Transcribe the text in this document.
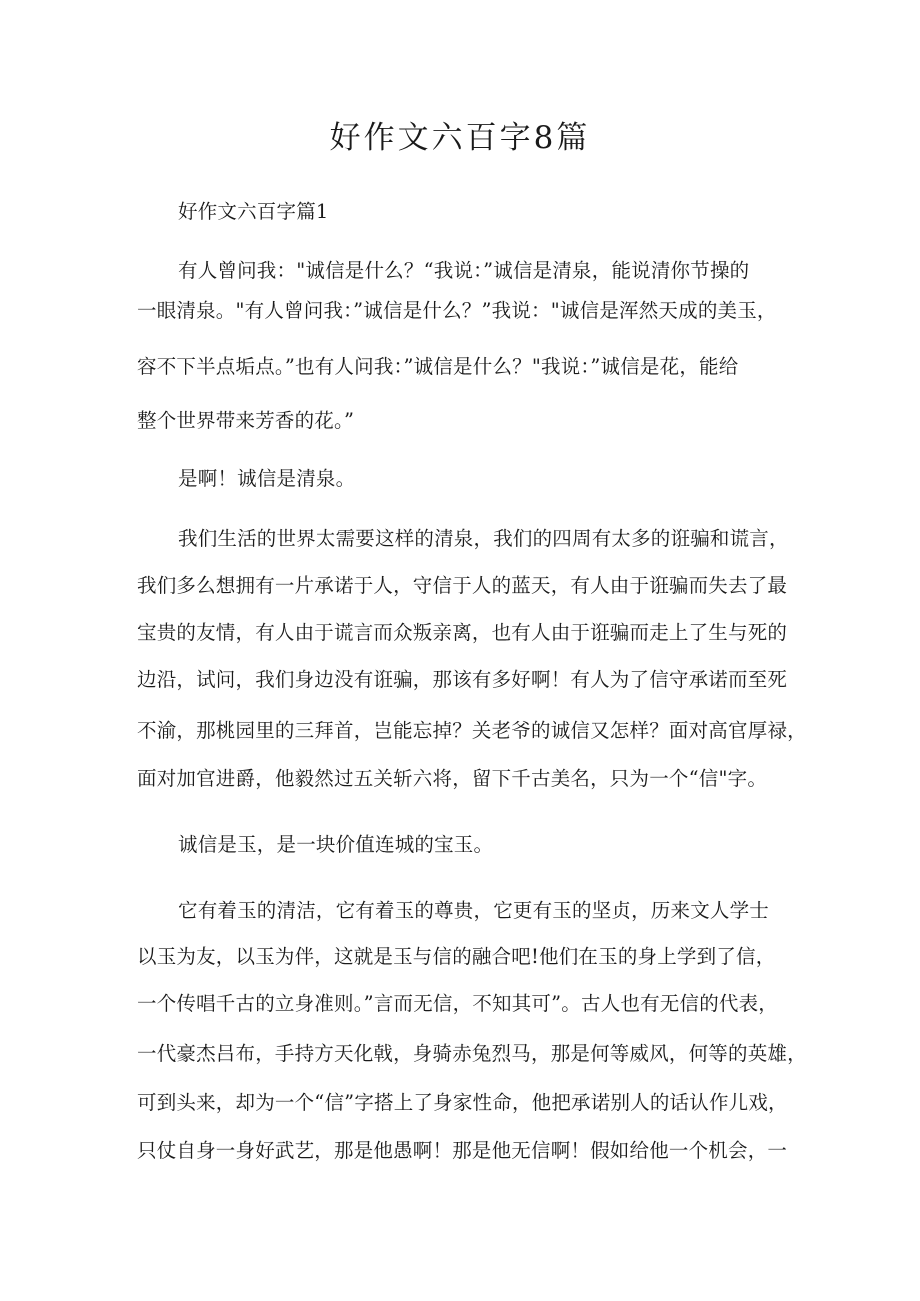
好作文六百字8篇
好作文六百字篇1
有人曾问我："诚信是什么？“我说：”诚信是清泉，能说清你节操的
一眼清泉。"有人曾问我：”诚信是什么？”我说："诚信是浑然天成的美玉，
容不下半点垢点。”也有人问我：”诚信是什么？"我说：”诚信是花，能给
整个世界带来芳香的花。”
是啊！诚信是清泉。
我们生活的世界太需要这样的清泉，我们的四周有太多的诳骗和谎言，
我们多么想拥有一片承诺于人，守信于人的蓝天，有人由于诳骗而失去了最
宝贵的友情，有人由于谎言而众叛亲离，也有人由于诳骗而走上了生与死的
边沿，试问，我们身边没有诳骗，那该有多好啊！有人为了信守承诺而至死
不渝，那桃园里的三拜首，岂能忘掉？关老爷的诚信又怎样？面对高官厚禄，
面对加官进爵，他毅然过五关斩六将，留下千古美名，只为一个“信"字。
诚信是玉，是一块价值连城的宝玉。
它有着玉的清洁，它有着玉的尊贵，它更有玉的坚贞，历来文人学士
以玉为友，以玉为伴，这就是玉与信的融合吧!他们在玉的身上学到了信，
一个传唱千古的立身准则。”言而无信，不知其可”。古人也有无信的代表，
一代豪杰吕布，手持方天化戟，身骑赤兔烈马，那是何等威风，何等的英雄，
可到头来，却为一个“信”字搭上了身家性命，他把承诺别人的话认作儿戏，
只仗自身一身好武艺，那是他愚啊！那是他无信啊！假如给他一个机会，一
